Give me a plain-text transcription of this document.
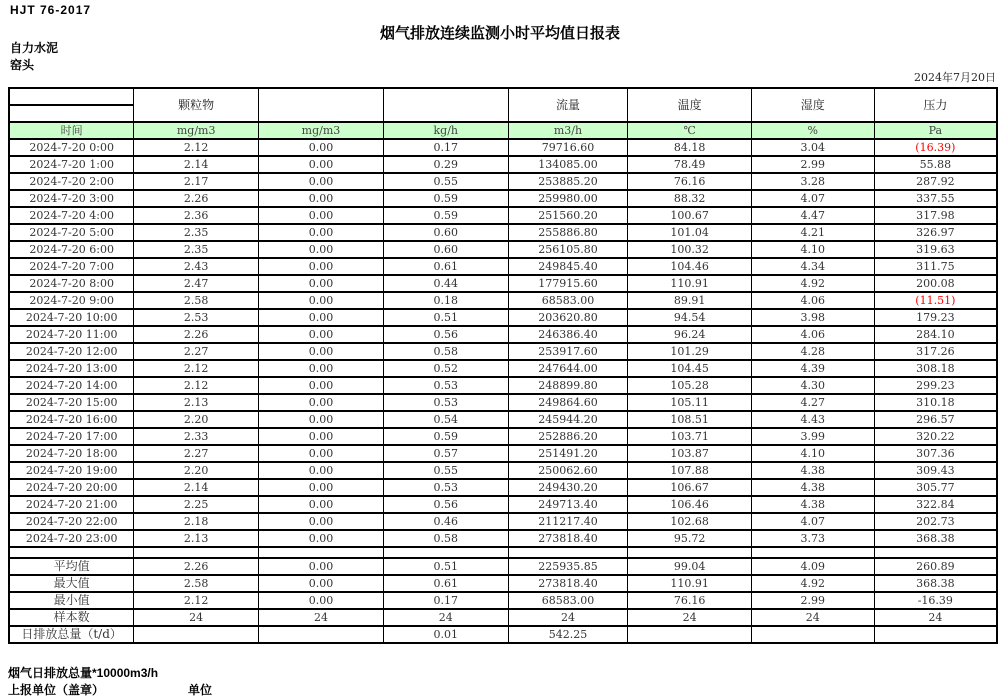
HJT 76-2017
烟气排放连续监测小时平均值日报表
自力水泥
窑头
2024年7月20日
	颗粒物			流量	温度	湿度	压力

时间	mg/m3	mg/m3	kg/h	m3/h	℃	%	Pa
2024-7-20 0:00	2.12	0.00	0.17	79716.60	84.18	3.04	(16.39)
2024-7-20 1:00	2.14	0.00	0.29	134085.00	78.49	2.99	55.88
2024-7-20 2:00	2.17	0.00	0.55	253885.20	76.16	3.28	287.92
2024-7-20 3:00	2.26	0.00	0.59	259980.00	88.32	4.07	337.55
2024-7-20 4:00	2.36	0.00	0.59	251560.20	100.67	4.47	317.98
2024-7-20 5:00	2.35	0.00	0.60	255886.80	101.04	4.21	326.97
2024-7-20 6:00	2.35	0.00	0.60	256105.80	100.32	4.10	319.63
2024-7-20 7:00	2.43	0.00	0.61	249845.40	104.46	4.34	311.75
2024-7-20 8:00	2.47	0.00	0.44	177915.60	110.91	4.92	200.08
2024-7-20 9:00	2.58	0.00	0.18	68583.00	89.91	4.06	(11.51)
2024-7-20 10:00	2.53	0.00	0.51	203620.80	94.54	3.98	179.23
2024-7-20 11:00	2.26	0.00	0.56	246386.40	96.24	4.06	284.10
2024-7-20 12:00	2.27	0.00	0.58	253917.60	101.29	4.28	317.26
2024-7-20 13:00	2.12	0.00	0.52	247644.00	104.45	4.39	308.18
2024-7-20 14:00	2.12	0.00	0.53	248899.80	105.28	4.30	299.23
2024-7-20 15:00	2.13	0.00	0.53	249864.60	105.11	4.27	310.18
2024-7-20 16:00	2.20	0.00	0.54	245944.20	108.51	4.43	296.57
2024-7-20 17:00	2.33	0.00	0.59	252886.20	103.71	3.99	320.22
2024-7-20 18:00	2.27	0.00	0.57	251491.20	103.87	4.10	307.36
2024-7-20 19:00	2.20	0.00	0.55	250062.60	107.88	4.38	309.43
2024-7-20 20:00	2.14	0.00	0.53	249430.20	106.67	4.38	305.77
2024-7-20 21:00	2.25	0.00	0.56	249713.40	106.46	4.38	322.84
2024-7-20 22:00	2.18	0.00	0.46	211217.40	102.68	4.07	202.73
2024-7-20 23:00	2.13	0.00	0.58	273818.40	95.72	3.73	368.38

平均值	2.26	0.00	0.51	225935.85	99.04	4.09	260.89
最大值	2.58	0.00	0.61	273818.40	110.91	4.92	368.38
最小值	2.12	0.00	0.17	68583.00	76.16	2.99	-16.39
样本数	24	24	24	24	24	24	24
日排放总量（t/d）			0.01	542.25			
烟气日排放总量*10000m3/h
上报单位（盖章）	单位
